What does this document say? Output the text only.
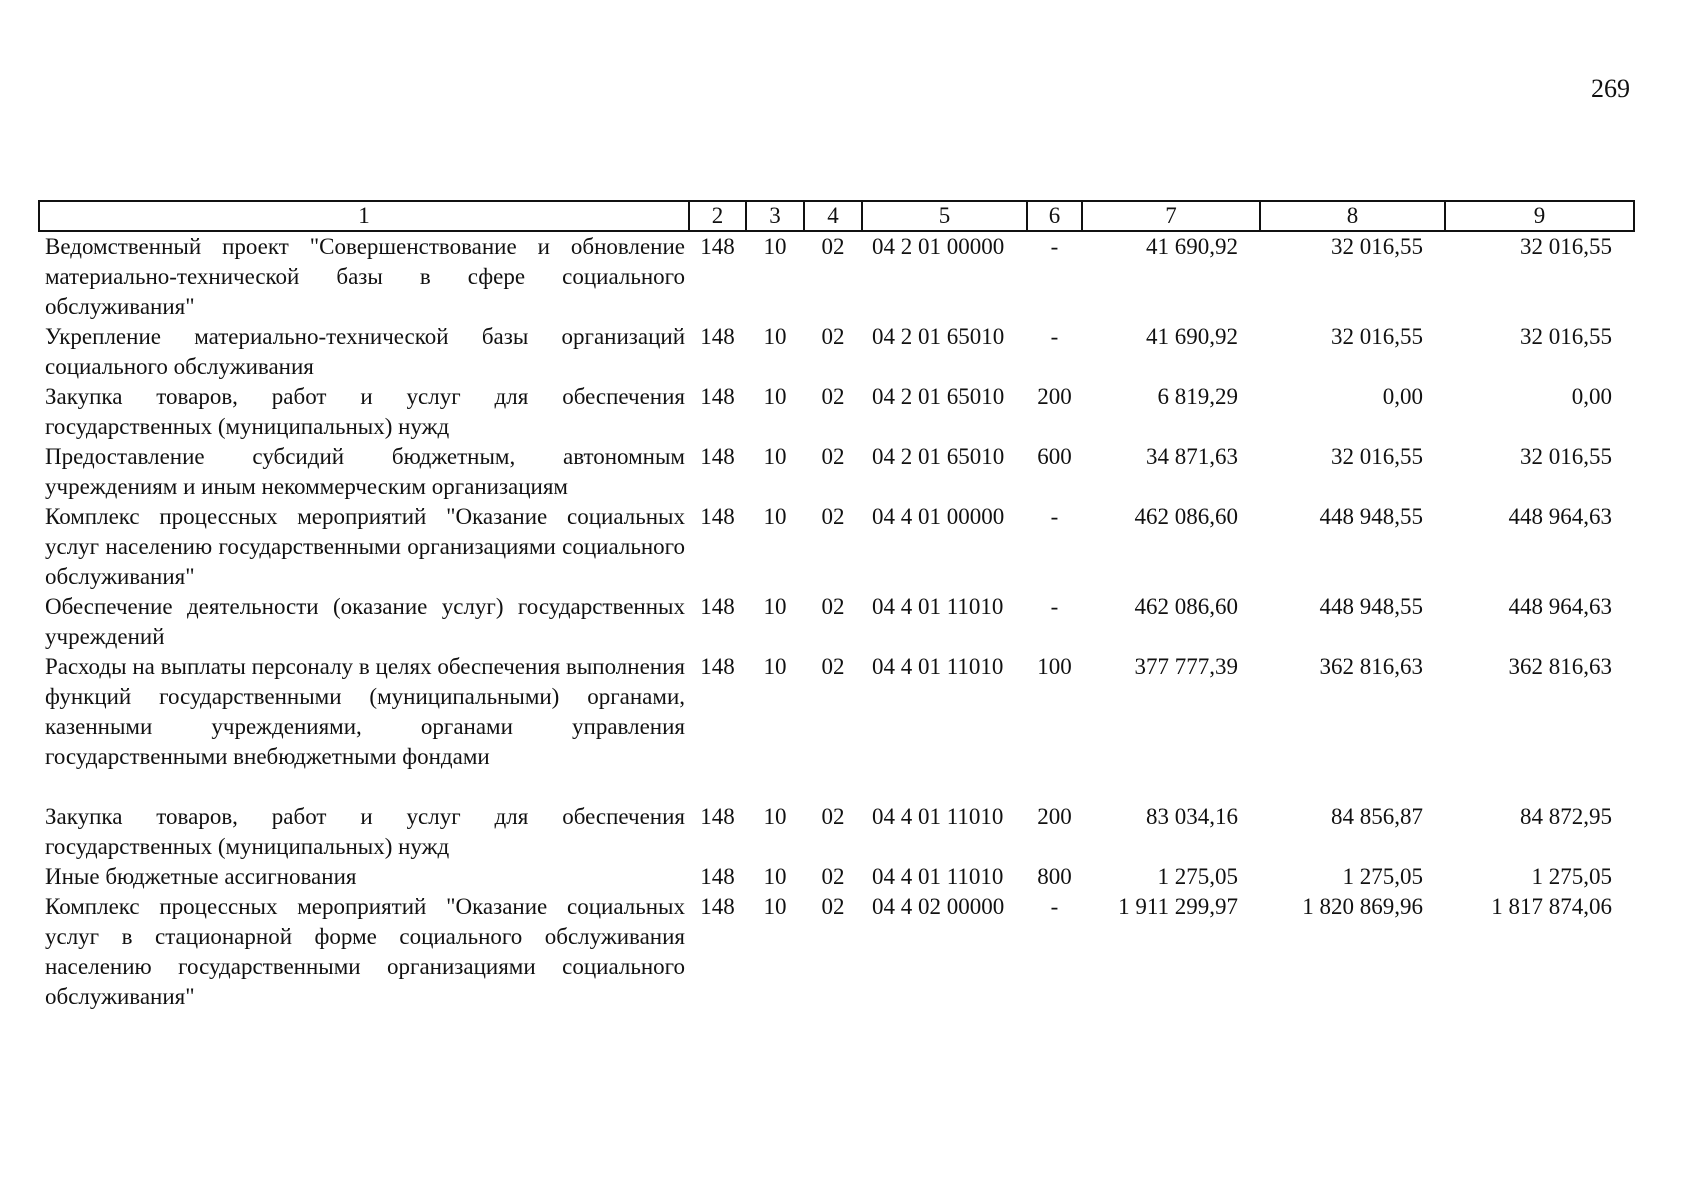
269
1	2	3	4	5	6	7	8	9
Ведомственный проект "Совершенствование и обновление материально-технической базы в сфере социального обслуживания"	148	10	02	04 2 01 00000	-	41 690,92	32 016,55	32 016,55
Укрепление материально-технической базы организаций социального обслуживания	148	10	02	04 2 01 65010	-	41 690,92	32 016,55	32 016,55
Закупка товаров, работ и услуг для обеспечения государственных (муниципальных) нужд	148	10	02	04 2 01 65010	200	6 819,29	0,00	0,00
Предоставление субсидий бюджетным, автономным учреждениям и иным некоммерческим организациям	148	10	02	04 2 01 65010	600	34 871,63	32 016,55	32 016,55
Комплекс процессных мероприятий "Оказание социальных услуг населению государственными организациями социального обслуживания"	148	10	02	04 4 01 00000	-	462 086,60	448 948,55	448 964,63
Обеспечение деятельности (оказание услуг) государственных учреждений	148	10	02	04 4 01 11010	-	462 086,60	448 948,55	448 964,63
Расходы на выплаты персоналу в целях обеспечения выполнения функций государственными (муниципальными) органами, казенными учреждениями, органами управления государственными внебюджетными фондами	148	10	02	04 4 01 11010	100	377 777,39	362 816,63	362 816,63
Закупка товаров, работ и услуг для обеспечения государственных (муниципальных) нужд	148	10	02	04 4 01 11010	200	83 034,16	84 856,87	84 872,95
Иные бюджетные ассигнования	148	10	02	04 4 01 11010	800	1 275,05	1 275,05	1 275,05
Комплекс процессных мероприятий "Оказание социальных услуг в стационарной форме социального обслуживания населению государственными организациями социального обслуживания"	148	10	02	04 4 02 00000	-	1 911 299,97	1 820 869,96	1 817 874,06
